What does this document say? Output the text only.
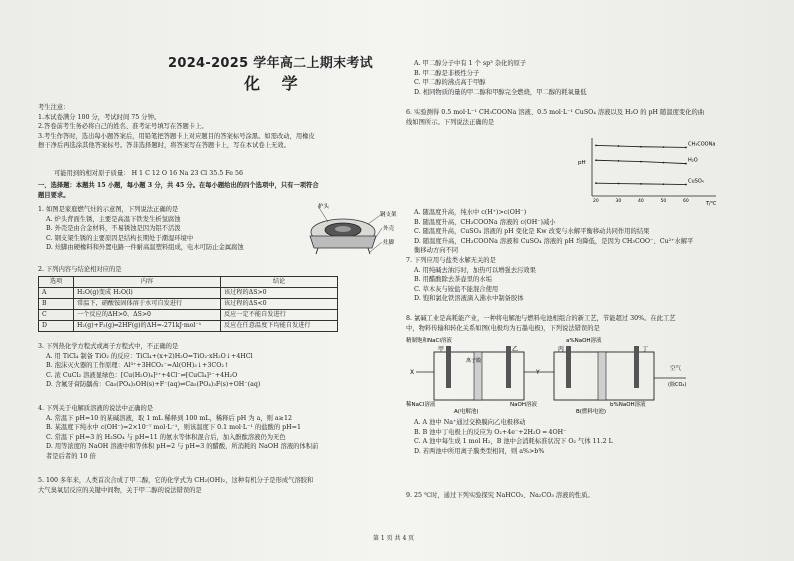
2024-2025 学年高二上期末考试
化 学
考生注意：
1.本试卷满分 100 分，考试时间 75 分钟。
2.答卷前考生务必将自己的姓名、准考证号填写在答题卡上。
3.考生作答时，选出每小题答案后，用铅笔把答题卡上对应题目的答案标号涂黑。如需改动，用橡皮
擦干净后再选涂其他答案标号。答非选择题时，将答案写在答题卡上，写在本试卷上无效。
可能用到的相对原子质量： H 1 C 12 O 16 Na 23 Cl 35.5 Fe 56
一、选择题：本题共 15 小题，每小题 3 分，共 45 分。在每小题给出的四个选项中，只有一项符合
题目要求。
1. 如图是家庭燃气灶的示意图，下列说法正确的是
A. 炉头背面生锈，主要是高温下铁发生析氢腐蚀
B. 外壳是由合金材料，不易锈蚀是因为铝不活泼
C. 钢支架生锈的主要原因是结构长期处于潮湿环境中
D. 灶脚由硬橡料和外置电路一件耐高温塑料组成，电木可防止金属腐蚀
炉头
钢支架
外壳
灶脚
2. 下列内容与结论相对应的是
选项	内容	结论
A	H₂O(g)变成 H₂O(l)	该过程的ΔS>0
B	常温下，硝酸铵固体溶于水可自发进行	该过程的ΔS<0
C	一个反应的ΔH>0、ΔS>0	反应一定不能自发进行
D	H₂(g)+F₂(g)═2HF(g)的ΔH=-271kJ·mol⁻¹	反应在任意温度下均能自发进行
3. 下列热化学方程式或离子方程式中，不正确的是
A. 用 TiCl₄ 制备 TiO₂ 的反应：TiCl₄+(x+2)H₂O=TiO₂·xH₂O↓+4HCl
B. 泡沫灭火器的工作原理：Al³⁺+3HCO₃⁻=Al(OH)₃↓+3CO₂↑
C. 浓 CuCl₂ 溶液显绿色：[Cu(H₂O)₄]²⁺+4Cl⁻⇌[CuCl₄]²⁻+4H₂O
D. 含氟牙膏防龋齿：Ca₅(PO₄)₃OH(s)+F⁻(aq)⇌Ca₅(PO₄)₃F(s)+OH⁻(aq)
4. 下列关于电解质溶液的说法中正确的是
A. 常温下 pH=10 的某碱溶液，取 1 mL 稀释到 100 mL，稀释后 pH 为 a，则 a≥12
B. 某温度下纯水中 c(OH⁻)=2×10⁻⁷ mol·L⁻¹，则该温度下 0.1 mol·L⁻¹ 的盐酸的 pH=1
C. 常温下 pH=3 的 H₂SO₄ 与 pH=11 的氨水等体积混合后，加入酚酞溶液仍为无色
D. 用等浓度的 NaOH 溶液中和等体积 pH=2 与 pH=3 的醋酸，所消耗的 NaOH 溶液的体积前
者是后者的 10 倍
5. 100 多年来，人类首次合成了甲二醇，它的化学式为 CH₂(OH)₂，这种有机分子是形成气溶胶和
大气臭氧层反应的关键中间物，关于甲二醇的说法错误的是
A. 甲二醇分子中有 1 个 sp³ 杂化的原子
B. 甲二醇是非极性分子
C. 甲二醇的沸点高于甲醇
D. 相同物质的量的甲二醇和甲醇完全燃烧，甲二醇的耗氧量低
6. 实验测得 0.5 mol·L⁻¹ CH₃COONa 溶液、0.5 mol·L⁻¹ CuSO₄ 溶液以及 H₂O 的 pH 随温度变化的曲
线如图所示。下列说法正确的是
pH
T/℃
CH₃COONa
H₂O
CuSO₄
20	30	40	50	60
A. 随温度升高，纯水中 c(H⁺)>c(OH⁻)
B. 随温度升高，CH₃COONa 溶液的 c(OH⁻)减小
C. 随温度升高，CuSO₄ 溶液的 pH 变化是 Kw 改变与水解平衡移动共同作用的结果
D. 随温度升高，CH₃COONa 溶液和 CuSO₄ 溶液的 pH 均降低，是因为 CH₃COO⁻、Cu²⁺水解平
衡移动方向不同
7. 下列应用与盐类水解无关的是
A. 用纯碱去油污时，加热可以增强去污效果
B. 用醋酸除去茶壶里的水垢
C. 草木灰与铵盐不能混合使用
D. 饱和氯化铁溶液滴入沸水中制备胶体
8. 氯碱工业是高耗能产业，一种将电解池与燃料电池相组合的新工艺，节能超过 30%。在此工艺
中，物料传输和转化关系如图(电极均为石墨电极)，下列说法错误的是
精制饱和NaCl溶液	a%NaOH溶液
甲	乙
离子膜
X
丙	丁
Y	空气
(除CO₂)
稀NaCl溶液	NaOH溶液	b%NaOH溶液
A(电解池)	B(燃料电池)
A. A 池中 Na⁺通过交换膜向乙电极移动
B. B 池中丁电极上的反应为 O₂+4e⁻+2H₂O ═ 4OH⁻
C. A 池中每生成 1 mol H₂，B 池中会消耗标准状况下 O₂ 气体 11.2 L
D. 若两池中所用离子膜类型相同，则 a%>b%
9. 25 ℃时，通过下列实验探究 NaHCO₃、Na₂CO₃ 溶液的性质。
第 1 页 共 4 页
